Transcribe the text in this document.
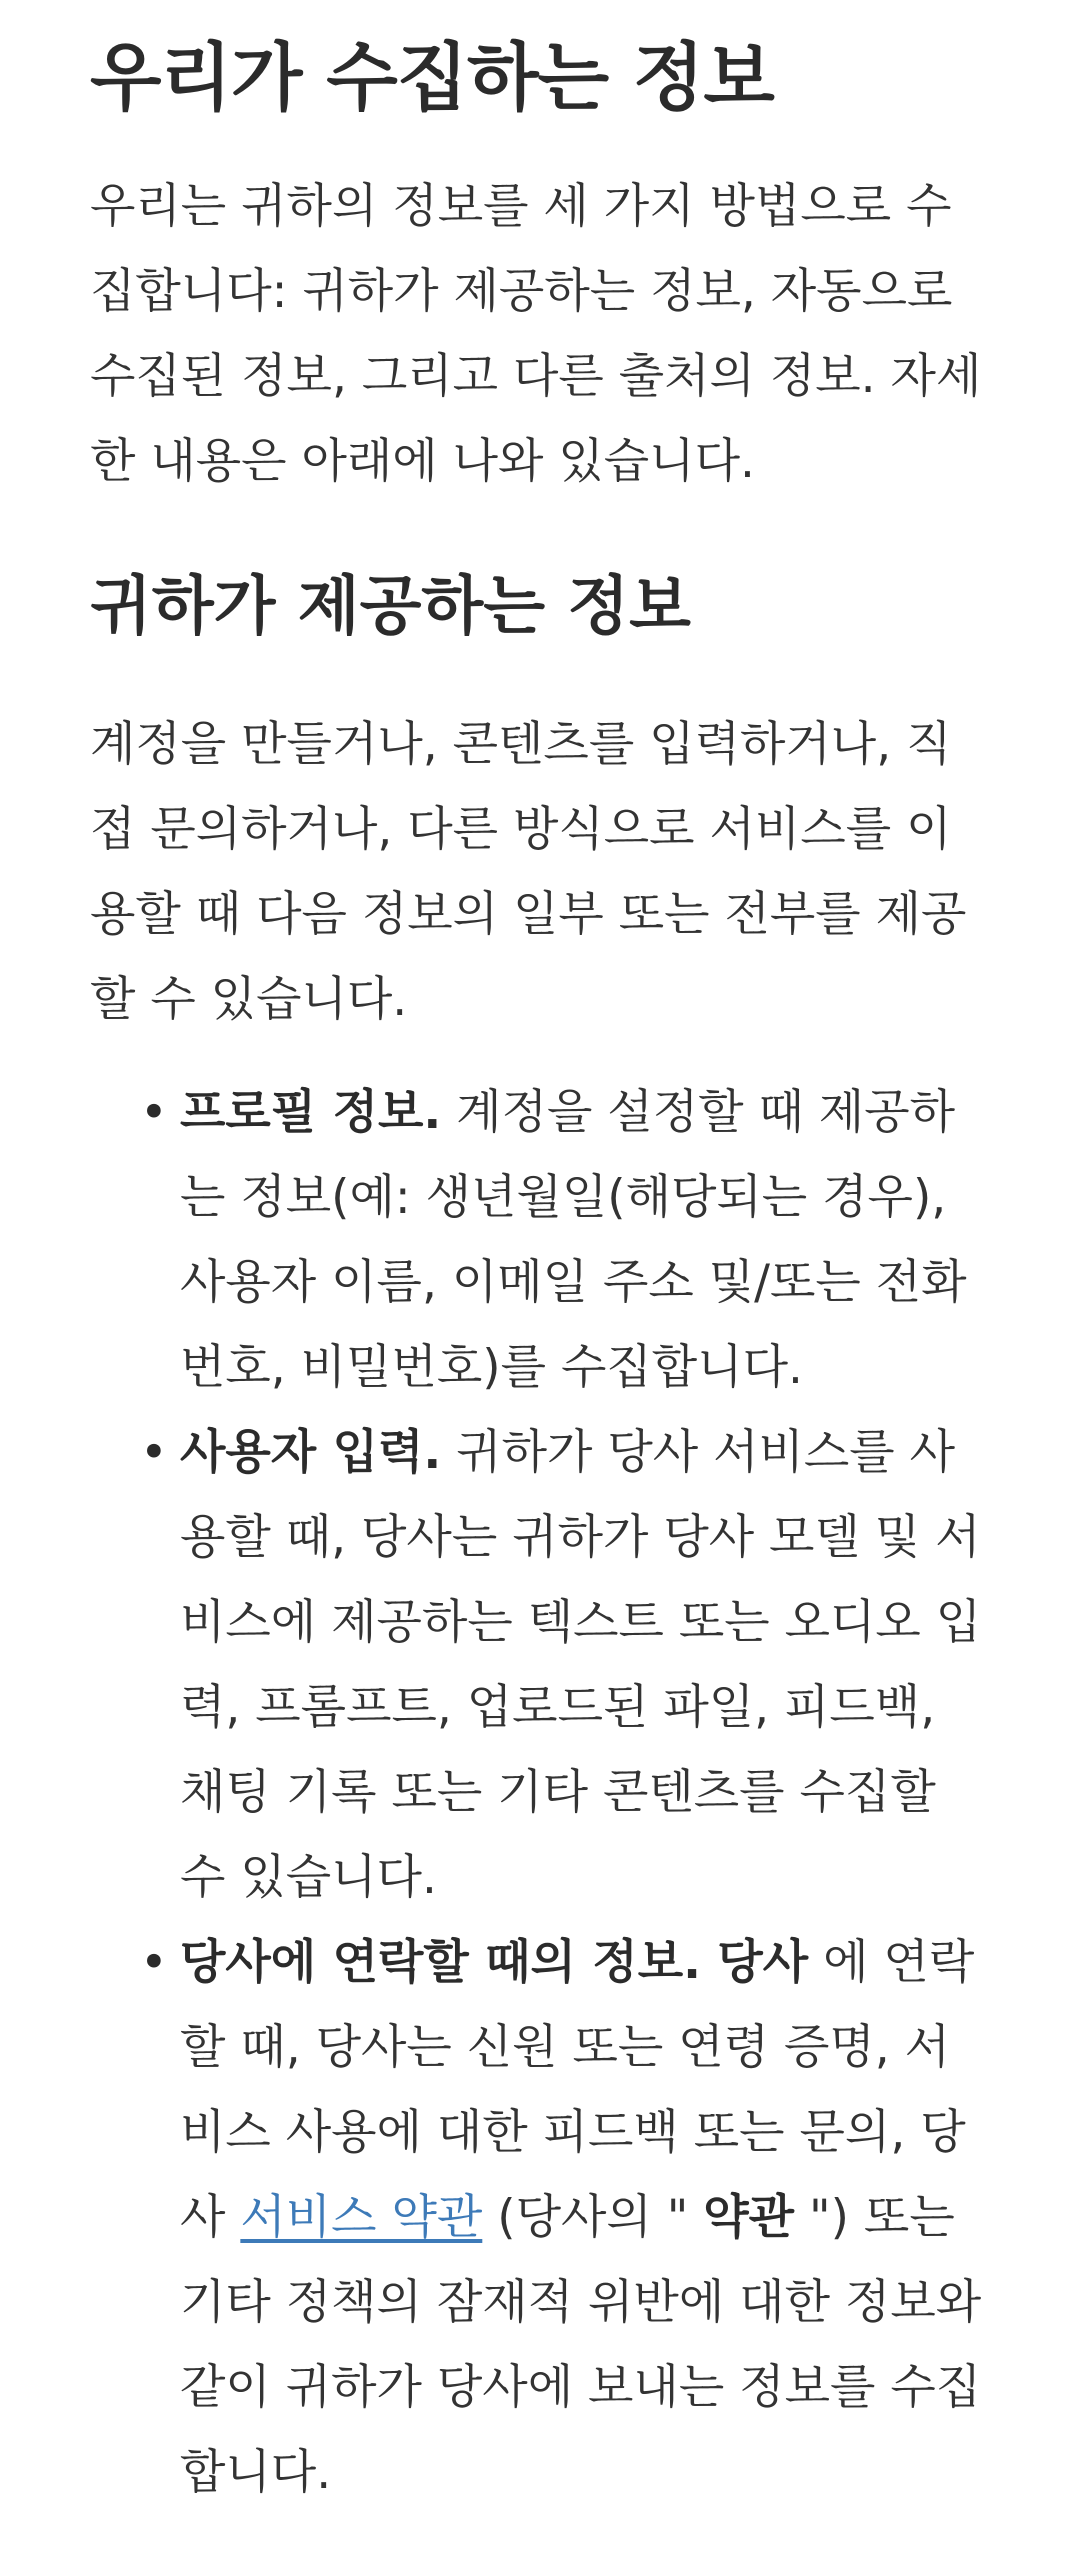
우리가 수집하는 정보

우리는 귀하의 정보를 세 가지 방법으로 수집합니다: 귀하가 제공하는 정보, 자동으로 수집된 정보, 그리고 다른 출처의 정보. 자세한 내용은 아래에 나와 있습니다.

귀하가 제공하는 정보

계정을 만들거나, 콘텐츠를 입력하거나, 직접 문의하거나, 다른 방식으로 서비스를 이용할 때 다음 정보의 일부 또는 전부를 제공할 수 있습니다.

• 프로필 정보. 계정을 설정할 때 제공하는 정보(예: 생년월일(해당되는 경우), 사용자 이름, 이메일 주소 및/또는 전화번호, 비밀번호)를 수집합니다.
• 사용자 입력. 귀하가 당사 서비스를 사용할 때, 당사는 귀하가 당사 모델 및 서비스에 제공하는 텍스트 또는 오디오 입력, 프롬프트, 업로드된 파일, 피드백, 채팅 기록 또는 기타 콘텐츠를 수집할 수 있습니다.
• 당사에 연락할 때의 정보. 당사 에 연락할 때, 당사는 신원 또는 연령 증명, 서비스 사용에 대한 피드백 또는 문의, 당사 서비스 약관 (당사의 " 약관 ") 또는 기타 정책의 잠재적 위반에 대한 정보와 같이 귀하가 당사에 보내는 정보를 수집합니다.
